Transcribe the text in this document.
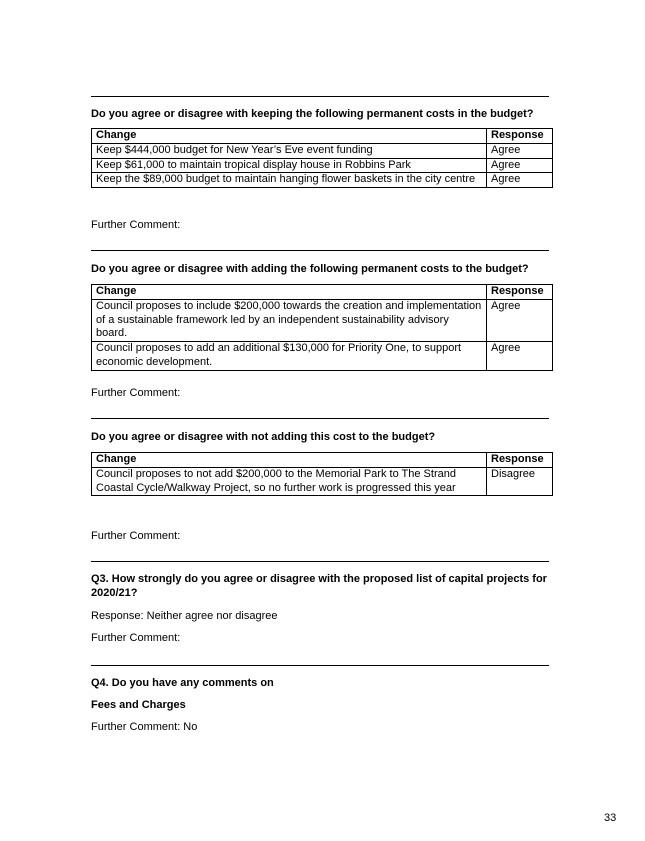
Do you agree or disagree with keeping the following permanent costs in the budget?
Change	Response
Keep $444,000 budget for New Year’s Eve event funding	Agree
Keep $61,000 to maintain tropical display house in Robbins Park	Agree
Keep the $89,000 budget to maintain hanging flower baskets in the city centre	Agree
Further Comment:
Do you agree or disagree with adding the following permanent costs to the budget?
Change	Response
Council proposes to include $200,000 towards the creation and implementation of a sustainable framework led by an independent sustainability advisory board.	Agree
Council proposes to add an additional $130,000 for Priority One, to support economic development.	Agree
Further Comment:
Do you agree or disagree with not adding this cost to the budget?
Change	Response
Council proposes to not add $200,000 to the Memorial Park to The Strand Coastal Cycle/Walkway Project, so no further work is progressed this year	Disagree
Further Comment:
Q3. How strongly do you agree or disagree with the proposed list of capital projects for 2020/21?
Response: Neither agree nor disagree
Further Comment:
Q4. Do you have any comments on
Fees and Charges
Further Comment: No
33
